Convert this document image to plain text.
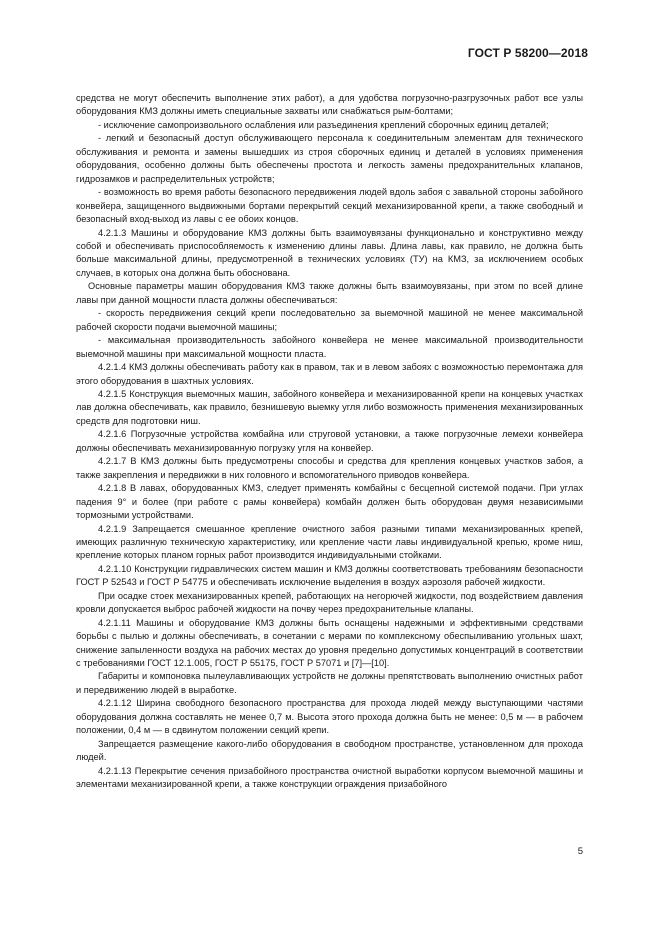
ГОСТ Р 58200—2018

средства не могут обеспечить выполнение этих работ), а для удобства погрузочно-разгрузочных работ все узлы оборудования КМЗ должны иметь специальные захваты или снабжаться рым-болтами;

- исключение самопроизвольного ослабления или разъединения креплений сборочных единиц деталей;

- легкий и безопасный доступ обслуживающего персонала к соединительным элементам для технического обслуживания и ремонта и замены вышедших из строя сборочных единиц и деталей в условиях применения оборудования, особенно должны быть обеспечены простота и легкость замены предохранительных клапанов, гидрозамков и распределительных устройств;

- возможность во время работы безопасного передвижения людей вдоль забоя с завальной стороны забойного конвейера, защищенного выдвижными бортами перекрытий секций механизированной крепи, а также свободный и безопасный вход-выход из лавы с ее обоих концов.

4.2.1.3 Машины и оборудование КМЗ должны быть взаимоувязаны функционально и конструктивно между собой и обеспечивать приспособляемость к изменению длины лавы. Длина лавы, как правило, не должна быть больше максимальной длины, предусмотренной в технических условиях (ТУ) на КМЗ, за исключением особых случаев, в которых она должна быть обоснована.

Основные параметры машин оборудования КМЗ также должны быть взаимоувязаны, при этом по всей длине лавы при данной мощности пласта должны обеспечиваться:

- скорость передвижения секций крепи последовательно за выемочной машиной не менее максимальной рабочей скорости подачи выемочной машины;

- максимальная производительность забойного конвейера не менее максимальной производительности выемочной машины при максимальной мощности пласта.

4.2.1.4 КМЗ должны обеспечивать работу как в правом, так и в левом забоях с возможностью перемонтажа для этого оборудования в шахтных условиях.

4.2.1.5 Конструкция выемочных машин, забойного конвейера и механизированной крепи на концевых участках лав должна обеспечивать, как правило, безнишевую выемку угля либо возможность применения механизированных средств для подготовки ниш.

4.2.1.6 Погрузочные устройства комбайна или струговой установки, а также погрузочные лемехи конвейера должны обеспечивать механизированную погрузку угля на конвейер.

4.2.1.7 В КМЗ должны быть предусмотрены способы и средства для крепления концевых участков забоя, а также закрепления и передвижки в них головного и вспомогательного приводов конвейера.

4.2.1.8 В лавах, оборудованных КМЗ, следует применять комбайны с бесцепной системой подачи. При углах падения 9° и более (при работе с рамы конвейера) комбайн должен быть оборудован двумя независимыми тормозными устройствами.

4.2.1.9 Запрещается смешанное крепление очистного забоя разными типами механизированных крепей, имеющих различную техническую характеристику, или крепление части лавы индивидуальной крепью, кроме ниш, крепление которых планом горных работ производится индивидуальными стойками.

4.2.1.10 Конструкции гидравлических систем машин и КМЗ должны соответствовать требованиям безопасности ГОСТ Р 52543 и ГОСТ Р 54775 и обеспечивать исключение выделения в воздух аэрозоля рабочей жидкости.

При осадке стоек механизированных крепей, работающих на негорючей жидкости, под воздействием давления кровли допускается выброс рабочей жидкости на почву через предохранительные клапаны.

4.2.1.11 Машины и оборудование КМЗ должны быть оснащены надежными и эффективными средствами борьбы с пылью и должны обеспечивать, в сочетании с мерами по комплексному обеспыливанию угольных шахт, снижение запыленности воздуха на рабочих местах до уровня предельно допустимых концентраций в соответствии с требованиями ГОСТ 12.1.005, ГОСТ Р 55175, ГОСТ Р 57071 и [7]—[10].

Габариты и компоновка пылеулавливающих устройств не должны препятствовать выполнению очистных работ и передвижению людей в выработке.

4.2.1.12 Ширина свободного безопасного пространства для прохода людей между выступающими частями оборудования должна составлять не менее 0,7 м. Высота этого прохода должна быть не менее: 0,5 м — в рабочем положении, 0,4 м — в сдвинутом положении секций крепи.

Запрещается размещение какого-либо оборудования в свободном пространстве, установленном для прохода людей.

4.2.1.13 Перекрытие сечения призабойного пространства очистной выработки корпусом выемочной машины и элементами механизированной крепи, а также конструкции ограждения призабойного

5
